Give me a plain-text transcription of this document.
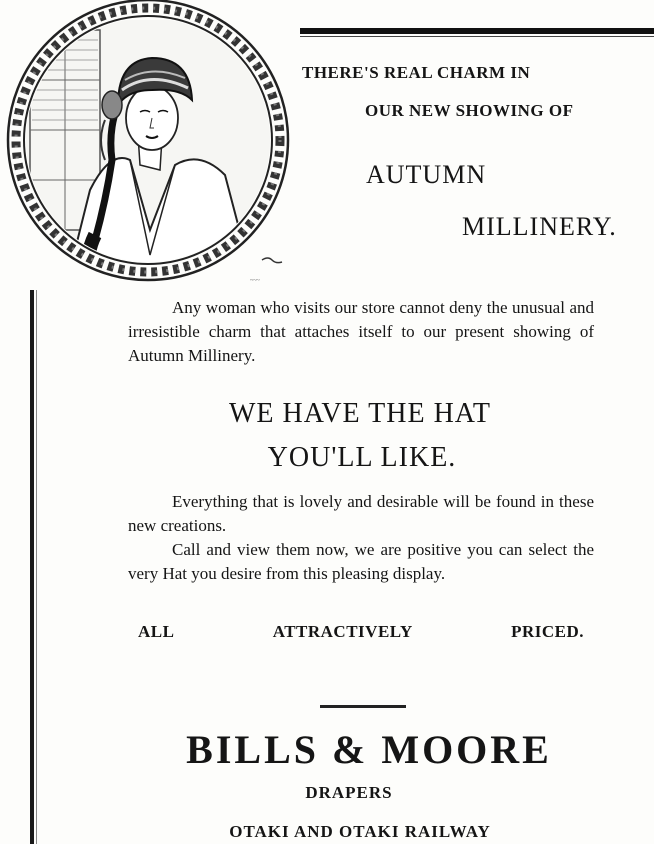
~~~
THERE'S REAL CHARM IN
OUR NEW SHOWING OF
AUTUMN
MILLINERY.
Any woman who visits our store cannot deny the unusual and irresistible charm that attaches itself to our present showing of Autumn Millinery.
WE HAVE THE HAT
YOU'LL LIKE.
Everything that is lovely and desirable will be found in these new creations.
Call and view them now, we are positive you can select the very Hat you desire from this pleasing display.
ALL	ATTRACTIVELY	PRICED.
BILLS & MOORE
DRAPERS
OTAKI AND OTAKI RAILWAY
